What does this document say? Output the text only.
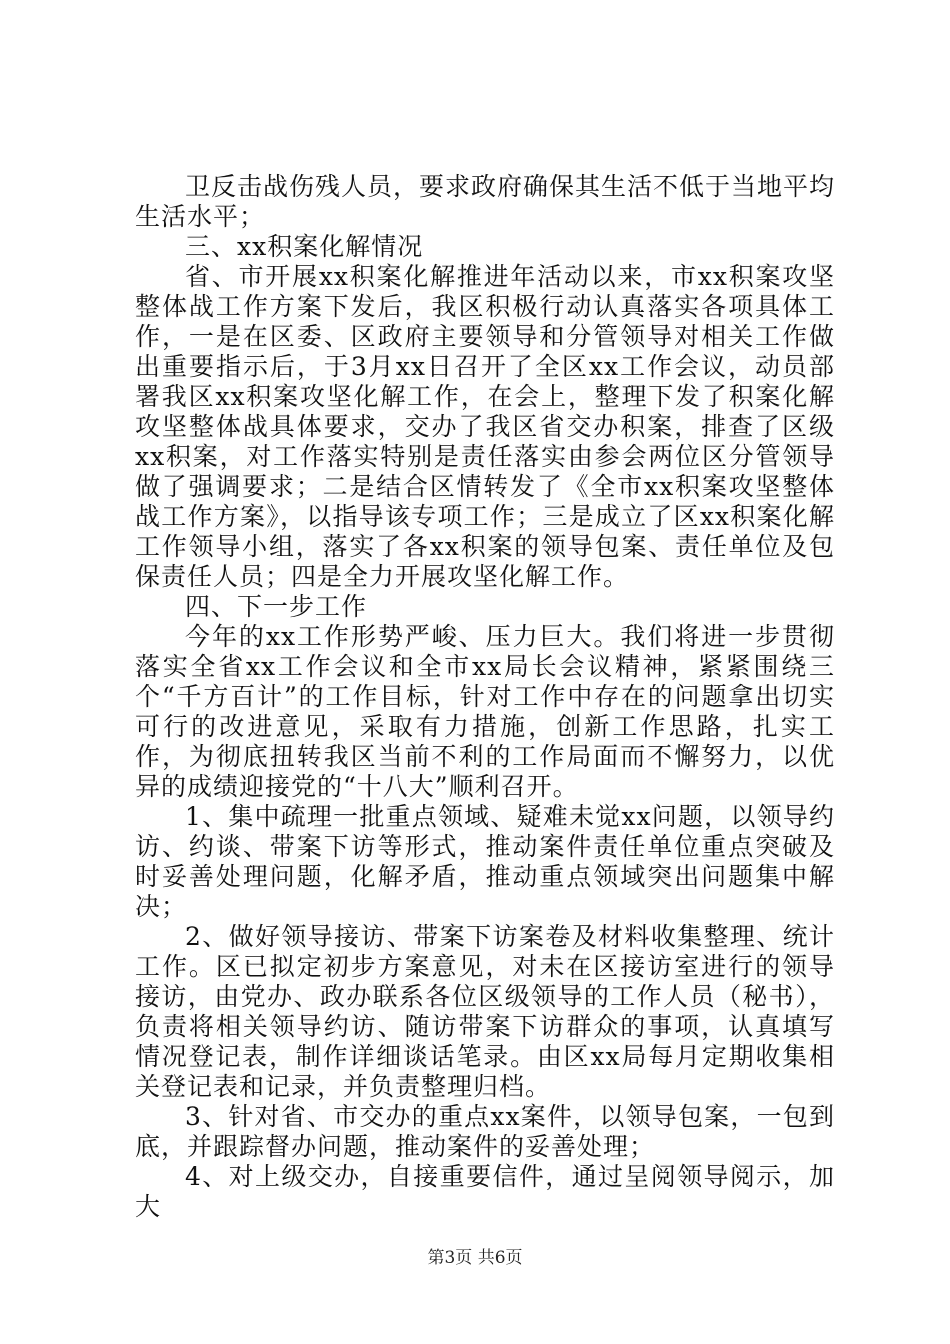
卫反击战伤残人员，要求政府确保其生活不低于当地平均生活水平；

三、xx积案化解情况

省、市开展xx积案化解推进年活动以来，市xx积案攻坚整体战工作方案下发后，我区积极行动认真落实各项具体工作，一是在区委、区政府主要领导和分管领导对相关工作做出重要指示后，于3月xx日召开了全区xx工作会议，动员部署我区xx积案攻坚化解工作，在会上，整理下发了积案化解攻坚整体战具体要求，交办了我区省交办积案，排查了区级xx积案，对工作落实特别是责任落实由参会两位区分管领导做了强调要求；二是结合区情转发了《全市xx积案攻坚整体战工作方案》，以指导该专项工作；三是成立了区xx积案化解工作领导小组，落实了各xx积案的领导包案、责任单位及包保责任人员；四是全力开展攻坚化解工作。

四、下一步工作

今年的xx工作形势严峻、压力巨大。我们将进一步贯彻落实全省xx工作会议和全市xx局长会议精神，紧紧围绕三个“千方百计”的工作目标，针对工作中存在的问题拿出切实可行的改进意见，采取有力措施，创新工作思路，扎实工作，为彻底扭转我区当前不利的工作局面而不懈努力，以优异的成绩迎接党的“十八大”顺利召开。

1、集中疏理一批重点领域、疑难未觉xx问题，以领导约访、约谈、带案下访等形式，推动案件责任单位重点突破及时妥善处理问题，化解矛盾，推动重点领域突出问题集中解决；

2、做好领导接访、带案下访案卷及材料收集整理、统计工作。区已拟定初步方案意见，对未在区接访室进行的领导接访，由党办、政办联系各位区级领导的工作人员（秘书），负责将相关领导约访、随访带案下访群众的事项，认真填写情况登记表，制作详细谈话笔录。由区xx局每月定期收集相关登记表和记录，并负责整理归档。

3、针对省、市交办的重点xx案件，以领导包案，一包到底，并跟踪督办问题，推动案件的妥善处理；

4、对上级交办，自接重要信件，通过呈阅领导阅示，加大

第3页 共6页
